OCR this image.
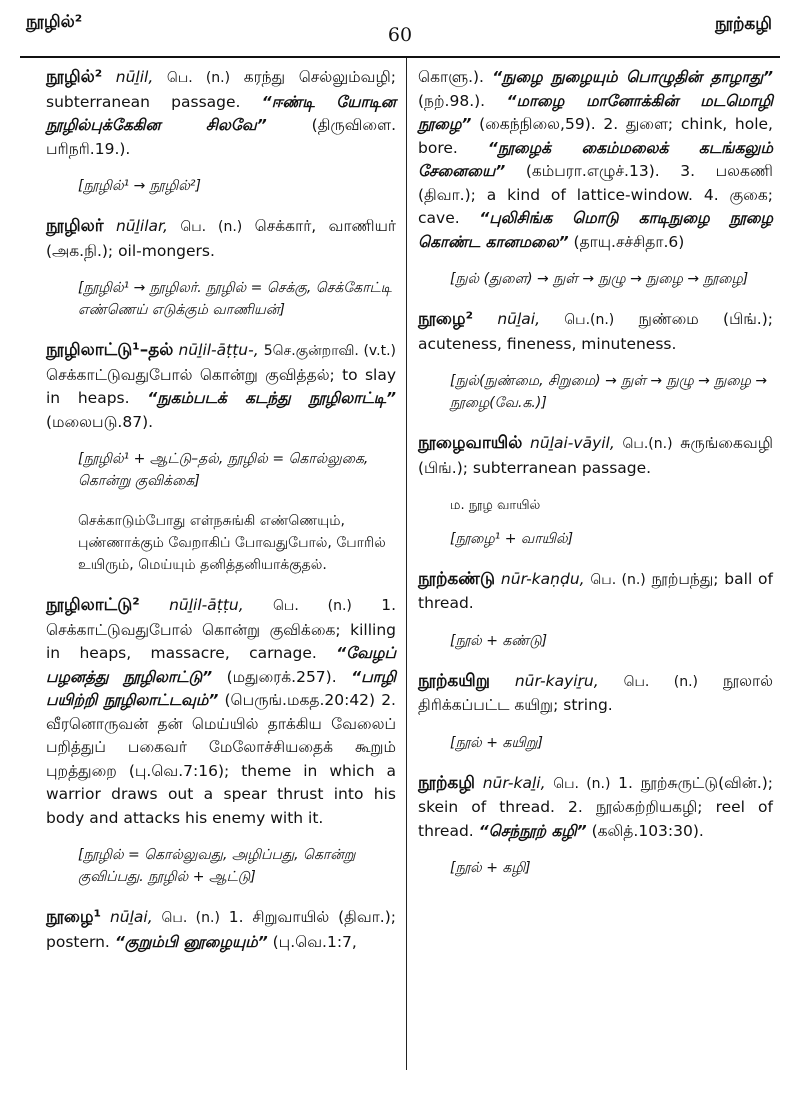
நூழில்²
60	நூற்கழி
நூழில்² nūḻil, பெ. (n.) கரந்து செல்லும்வழி; subterranean passage. “ஈண்டி யோடின நூழில்புக்கேகின சிலவே”	(திருவிளை. பரிநரி.19.).
[நூழில்¹ → நூழில்²]
நூழிலர் nūḻilar, பெ. (n.) செக்கார், வாணியர் (அக.நி.); oil-mongers.
[நூழில்¹ → நூழிலர். நூழில் = செக்கு, செக்கோட்டி எண்ணெய் எடுக்கும் வாணியன்]
நூழிலாட்டு¹–தல் nūḻil-āṭṭu-, 5செ.குன்றாவி. (v.t.) செக்காட்டுவதுபோல் கொன்று குவித்தல்; to slay in heaps. “நுகம்படக் கடந்து நூழிலாட்டி” (மலைபடு.87).
[நூழில்¹ + ஆட்டு–தல், நூழில் = கொல்லுகை, கொன்று குவிக்கை]
செக்காடும்போது எள்நசுங்கி எண்ணெயும், புண்ணாக்கும் வேறாகிப் போவதுபோல், போரில் உயிரும், மெய்யும் தனித்தனியாக்குதல்.
நூழிலாட்டு² nūḻil-āṭṭu, பெ. (n.) 1. செக்காட்டுவதுபோல் கொன்று குவிக்கை; killing in heaps, massacre, carnage. “வேழப் பழனத்து நூழிலாட்டு” (மதுரைக்.257). “பாழி பயிற்றி நூழிலாட்டவும்” (பெருங்.மகத.20:42) 2. வீரனொருவன் தன் மெய்யில் தாக்கிய வேலைப் பறித்துப் பகைவர் மேலோச்சியதைக் கூறும் புறத்துறை (பு.வெ.7:16); theme in which a warrior draws out a spear thrust into his body and attacks his enemy with it.
[நூழில் = கொல்லுவது, அழிப்பது, கொன்று குவிப்பது. நூழில் + ஆட்டு]
நூழை¹ nūḻai, பெ. (n.) 1. சிறுவாயில் (திவா.); postern. “குறும்பி னூழையும்” (பு.வெ.1:7,
கொளு.). “நுழை நுழையும் பொழுதின் தாழாது” (நற்.98.). “மாழை மானோக்கின் மடமொழி நூழை” (கைந்நிலை,59). 2. துளை; chink, hole, bore. “நூழைக் கைம்மலைக் கடங்கலும் சேனையை” (கம்பரா.எழுச்.13). 3. பலகணி (திவா.); a kind of lattice-window. 4. குகை; cave. “புலிசிங்க மொடு காடிநுழை நூழை கொண்ட கானமலை” (தாயு.சச்சிதா.6)
[நுல் (துளை) → நுள் → நுழு → நுழை → நூழை]
நூழை² nūḻai, பெ.(n.) நுண்மை (பிங்.); acuteness, fineness, minuteness.
[நுல்(நுண்மை, சிறுமை) → நுள் → நுழு → நுழை → நூழை(வே.க.)]
நூழைவாயில் nūḻai-vāyil, பெ.(n.) சுருங்கைவழி (பிங்.); subterranean passage.
ம. நூழ வாயில்
[நூழை¹ + வாயில்]
நூற்கண்டு nūr-kaṇḍu, பெ. (n.) நூற்பந்து; ball of thread.
[நூல் + கண்டு]
நூற்கயிறு nūr-kayiṟu, பெ. (n.) நூலால் திரிக்கப்பட்ட கயிறு; string.
[நூல் + கயிறு]
நூற்கழி nūr-kaḻi, பெ. (n.) 1. நூற்சுருட்டு(வின்.); skein of thread. 2. நூல்கற்றியகழி; reel of thread. “செந்நூற் கழி” (கலித்.103:30).
[நூல் + கழி]
